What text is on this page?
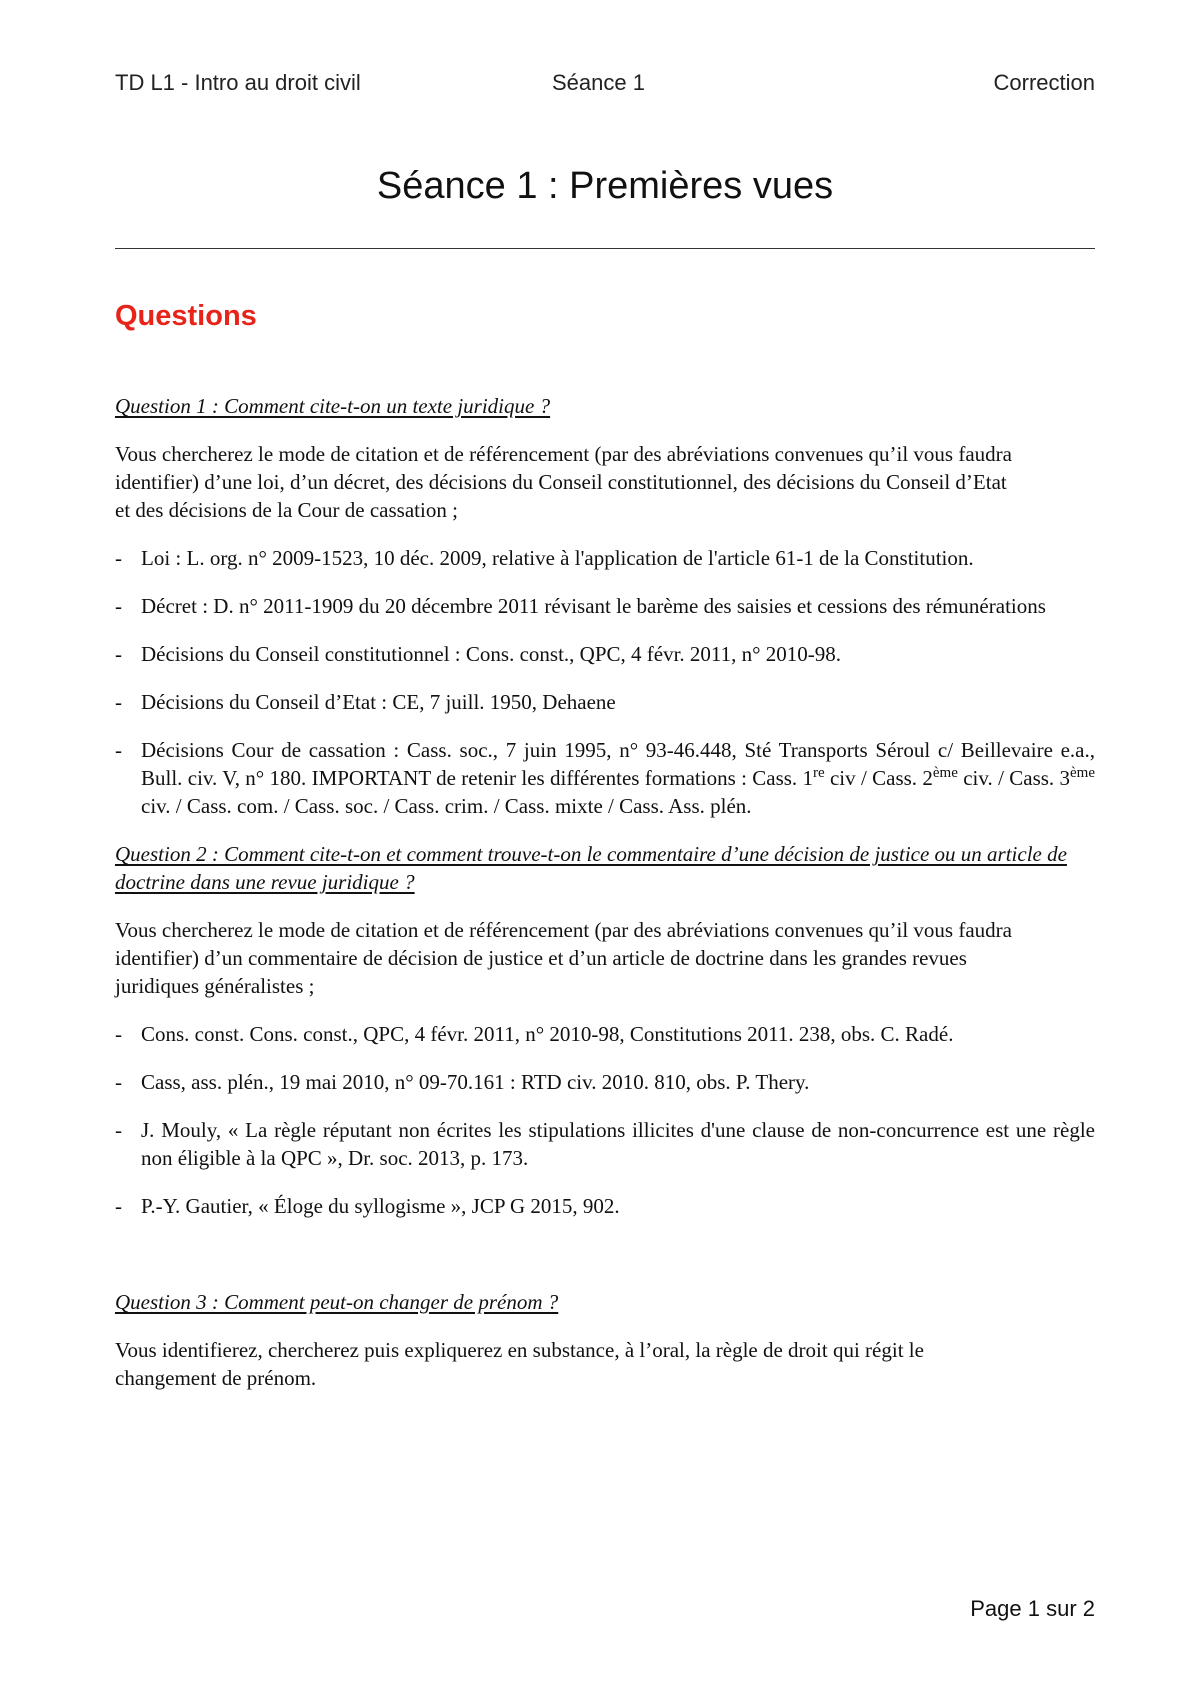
TD L1 - Intro au droit civil	Séance 1	Correction
Séance 1 : Premières vues
Questions

Question 1 : Comment cite-t-on un texte juridique ?

Vous chercherez le mode de citation et de référencement (par des abréviations convenues qu’il vous faudra identifier) d’une loi, d’un décret, des décisions du Conseil constitutionnel, des décisions du Conseil d’Etat et des décisions de la Cour de cassation ;

- Loi : L. org. n° 2009-1523, 10 déc. 2009, relative à l'application de l'article 61-1 de la Constitution.
- Décret : D. n° 2011-1909 du 20 décembre 2011 révisant le barème des saisies et cessions des rémunérations
- Décisions du Conseil constitutionnel : Cons. const., QPC, 4 févr. 2011, n° 2010-98.
- Décisions du Conseil d’Etat : CE, 7 juill. 1950, Dehaene
- Décisions Cour de cassation : Cass. soc., 7 juin 1995, n° 93-46.448, Sté Transports Séroul c/ Beillevaire e.a., Bull. civ. V, n° 180. IMPORTANT de retenir les différentes formations : Cass. 1re civ / Cass. 2ème civ. / Cass. 3ème civ. / Cass. com. / Cass. soc. / Cass. crim. / Cass. mixte / Cass. Ass. plén.

Question 2 : Comment cite-t-on et comment trouve-t-on le commentaire d’une décision de justice ou un article de doctrine dans une revue juridique ?

Vous chercherez le mode de citation et de référencement (par des abréviations convenues qu’il vous faudra identifier) d’un commentaire de décision de justice et d’un article de doctrine dans les grandes revues juridiques généralistes ;

- Cons. const. Cons. const., QPC, 4 févr. 2011, n° 2010-98, Constitutions 2011. 238, obs. C. Radé.
- Cass, ass. plén., 19 mai 2010, n° 09-70.161 : RTD civ. 2010. 810, obs. P. Thery.
- J. Mouly, « La règle réputant non écrites les stipulations illicites d'une clause de non-concurrence est une règle non éligible à la QPC », Dr. soc. 2013, p. 173.
- P.-Y. Gautier, « Éloge du syllogisme », JCP G 2015, 902.

Question 3 : Comment peut-on changer de prénom ?

Vous identifierez, chercherez puis expliquerez en substance, à l’oral, la règle de droit qui régit le changement de prénom.

Page 1 sur 2
